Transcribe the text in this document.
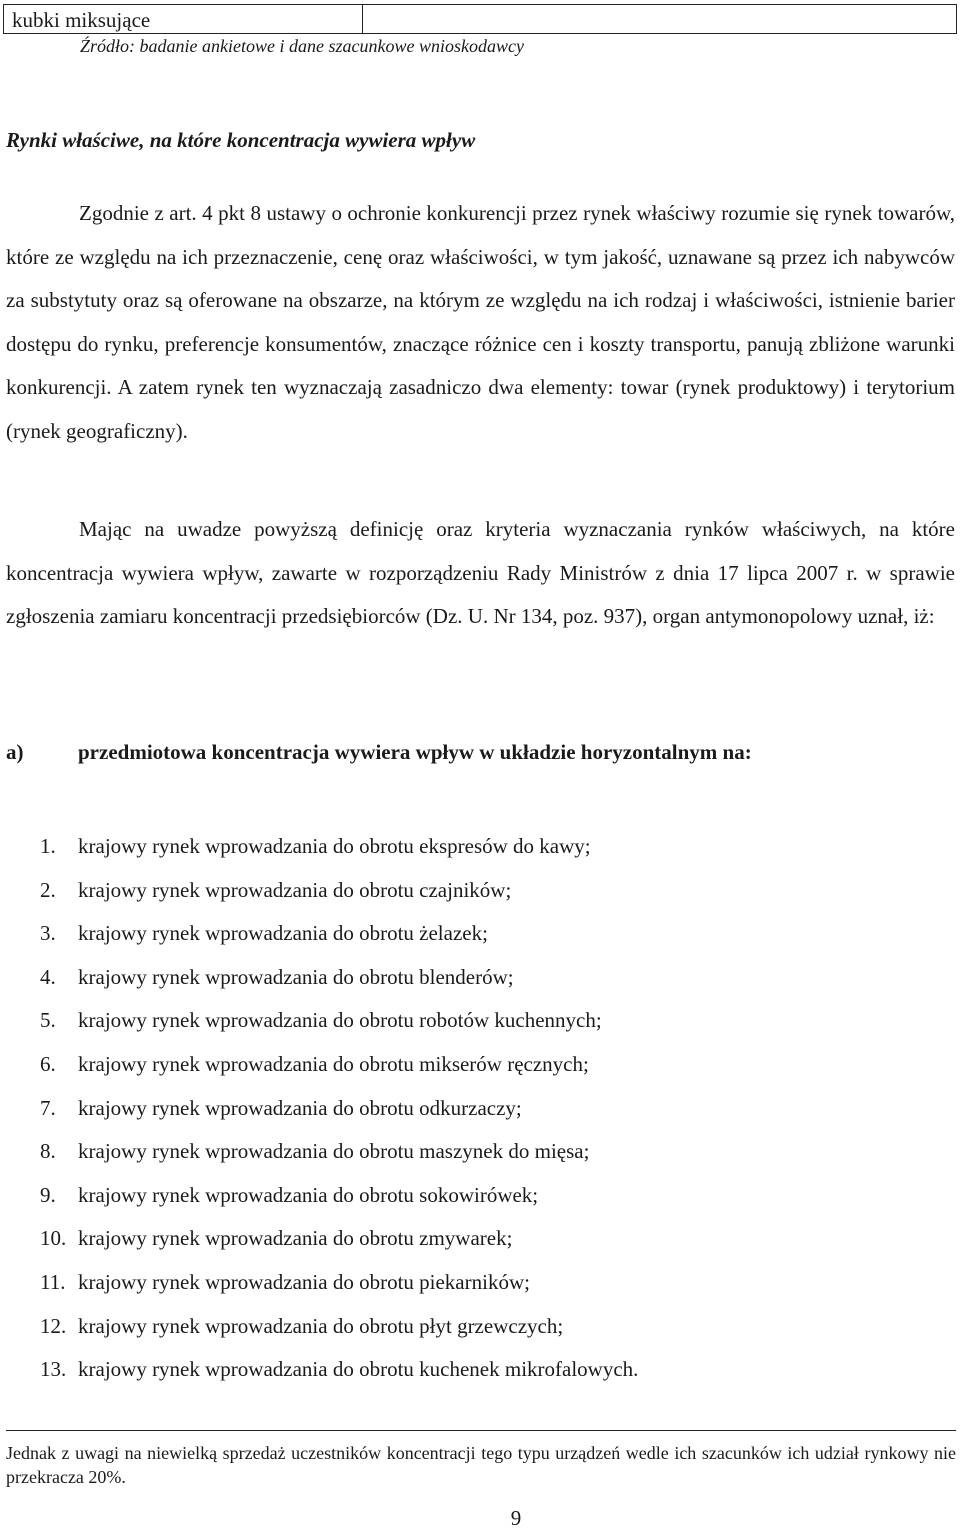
kubki miksujące
Źródło: badanie ankietowe i dane szacunkowe wnioskodawcy
Rynki właściwe, na które koncentracja wywiera wpływ

Zgodnie z art. 4 pkt 8 ustawy o ochronie konkurencji przez rynek właściwy rozumie się rynek towarów, które ze względu na ich przeznaczenie, cenę oraz właściwości, w tym jakość, uznawane są przez ich nabywców za substytuty oraz są oferowane na obszarze, na którym ze względu na ich rodzaj i właściwości, istnienie barier dostępu do rynku, preferencje konsumentów, znaczące różnice cen i koszty transportu, panują zbliżone warunki konkurencji. A zatem rynek ten wyznaczają zasadniczo dwa elementy: towar (rynek produktowy) i terytorium (rynek geograficzny).

Mając na uwadze powyższą definicję oraz kryteria wyznaczania rynków właściwych, na które koncentracja wywiera wpływ, zawarte w rozporządzeniu Rady Ministrów z dnia 17 lipca 2007 r. w sprawie zgłoszenia zamiaru koncentracji przedsiębiorców (Dz. U. Nr 134, poz. 937), organ antymonopolowy uznał, iż:

a)	przedmiotowa koncentracja wywiera wpływ w układzie horyzontalnym na:
1. krajowy rynek wprowadzania do obrotu ekspresów do kawy;
2. krajowy rynek wprowadzania do obrotu czajników;
3. krajowy rynek wprowadzania do obrotu żelazek;
4. krajowy rynek wprowadzania do obrotu blenderów;
5. krajowy rynek wprowadzania do obrotu robotów kuchennych;
6. krajowy rynek wprowadzania do obrotu mikserów ręcznych;
7. krajowy rynek wprowadzania do obrotu odkurzaczy;
8. krajowy rynek wprowadzania do obrotu maszynek do mięsa;
9. krajowy rynek wprowadzania do obrotu sokowirówek;
10. krajowy rynek wprowadzania do obrotu zmywarek;
11. krajowy rynek wprowadzania do obrotu piekarników;
12. krajowy rynek wprowadzania do obrotu płyt grzewczych;
13. krajowy rynek wprowadzania do obrotu kuchenek mikrofalowych.

Jednak z uwagi na niewielką sprzedaż uczestników koncentracji tego typu urządzeń wedle ich szacunków ich udział rynkowy nie przekracza 20%.

9
